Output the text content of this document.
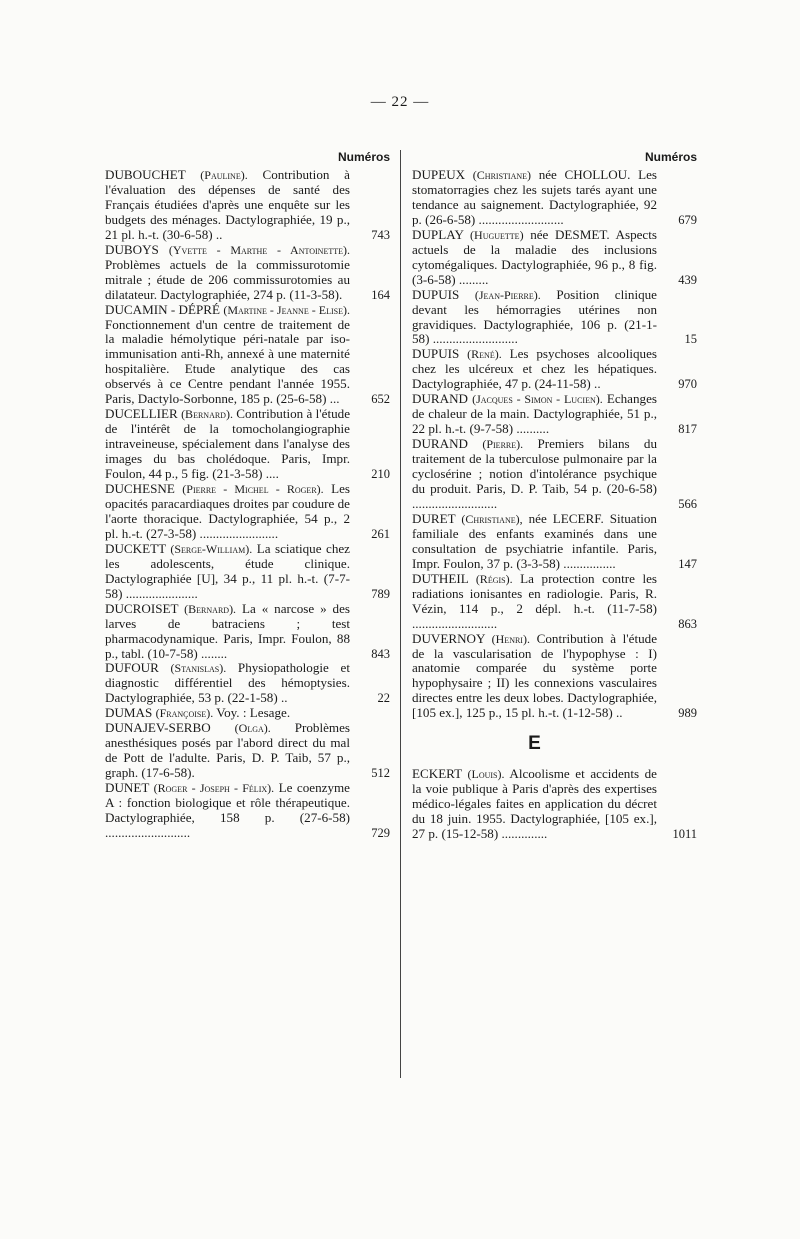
— 22 —
Numéros
DUBOUCHET (Pauline). Contribution à l'évaluation des dépenses de santé des Français étudiées d'après une enquête sur les budgets des ménages. Dactylographiée, 19 p., 21 pl. h.-t. (30-6-58) ..	743
DUBOYS (Yvette - Marthe - Antoinette). Problèmes actuels de la commissurotomie mitrale ; étude de 206 commissurotomies au dilatateur. Dactylographiée, 274 p. (11-3-58). 164
DUCAMIN - DÉPRÉ (Martine - Jeanne - Elise). Fonctionnement d'un centre de traitement de la maladie hémolytique péri-natale par iso-immunisation anti-Rh, annexé à une maternité hospitalière. Etude analytique des cas observés à ce Centre pendant l'année 1955. Paris, Dactylo-Sorbonne, 185 p. (25-6-58) ...	652
DUCELLIER (Bernard). Contribution à l'étude de l'intérêt de la tomocholangiographie intraveineuse, spécialement dans l'analyse des images du bas cholédoque. Paris, Impr. Foulon, 44 p., 5 fig. (21-3-58) ....	210
DUCHESNE (Pierre - Michel - Roger). Les opacités paracardiaques droites par coudure de l'aorte thoracique. Dactylographiée, 54 p., 2 pl. h.-t. (27-3-58) ........................	261
DUCKETT (Serge-William). La sciatique chez les adolescents, étude clinique. Dactylographiée [U], 34 p., 11 pl. h.-t. (7-7-58) ......................	789
DUCROISET (Bernard). La « narcose » des larves de batraciens ; test pharmacodynamique. Paris, Impr. Foulon, 88 p., tabl. (10-7-58) ........	843
DUFOUR (Stanislas). Physiopathologie et diagnostic différentiel des hémoptysies. Dactylographiée, 53 p. (22-1-58) ..	22
DUMAS (Françoise). Voy. : Lesage.
DUNAJEV-SERBO (Olga). Problèmes anesthésiques posés par l'abord direct du mal de Pott de l'adulte. Paris, D. P. Taib, 57 p., graph. (17-6-58).	512
DUNET (Roger - Joseph - Félix). Le coenzyme A : fonction biologique et rôle thérapeutique. Dactylographiée, 158 p. (27-6-58) ..........................	729
Numéros
DUPEUX (Christiane) née CHOLLOU. Les stomatorragies chez les sujets tarés ayant une tendance au saignement. Dactylographiée, 92 p. (26-6-58) ..........................	679
DUPLAY (Huguette) née DESMET. Aspects actuels de la maladie des inclusions cytomégaliques. Dactylographiée, 96 p., 8 fig. (3-6-58) .........	439
DUPUIS (Jean-Pierre). Position clinique devant les hémorragies utérines non gravidiques. Dactylographiée, 106 p. (21-1-58) ..........................	15
DUPUIS (René). Les psychoses alcooliques chez les ulcéreux et chez les hépatiques. Dactylographiée, 47 p. (24-11-58) ..	970
DURAND (Jacques - Simon - Lucien). Echanges de chaleur de la main. Dactylographiée, 51 p., 22 pl. h.-t. (9-7-58) ..........	817
DURAND (Pierre). Premiers bilans du traitement de la tuberculose pulmonaire par la cyclosérine ; notion d'intolérance psychique du produit. Paris, D. P. Taib, 54 p. (20-6-58) ..........................	566
DURET (Christiane), née LECERF. Situation familiale des enfants examinés dans une consultation de psychiatrie infantile. Paris, Impr. Foulon, 37 p. (3-3-58) ................	147
DUTHEIL (Régis). La protection contre les radiations ionisantes en radiologie. Paris, R. Vézin, 114 p., 2 dépl. h.-t. (11-7-58) ..........................	863
DUVERNOY (Henri). Contribution à l'étude de la vascularisation de l'hypophyse : I) anatomie comparée du système porte hypophysaire ; II) les connexions vasculaires directes entre les deux lobes. Dactylographiée, [105 ex.], 125 p., 15 pl. h.-t. (1-12-58) ..	989
E
ECKERT (Louis). Alcoolisme et accidents de la voie publique à Paris d'après des expertises médico-légales faites en application du décret du 18 juin. 1955. Dactylographiée, [105 ex.], 27 p. (15-12-58) ..............	1011
